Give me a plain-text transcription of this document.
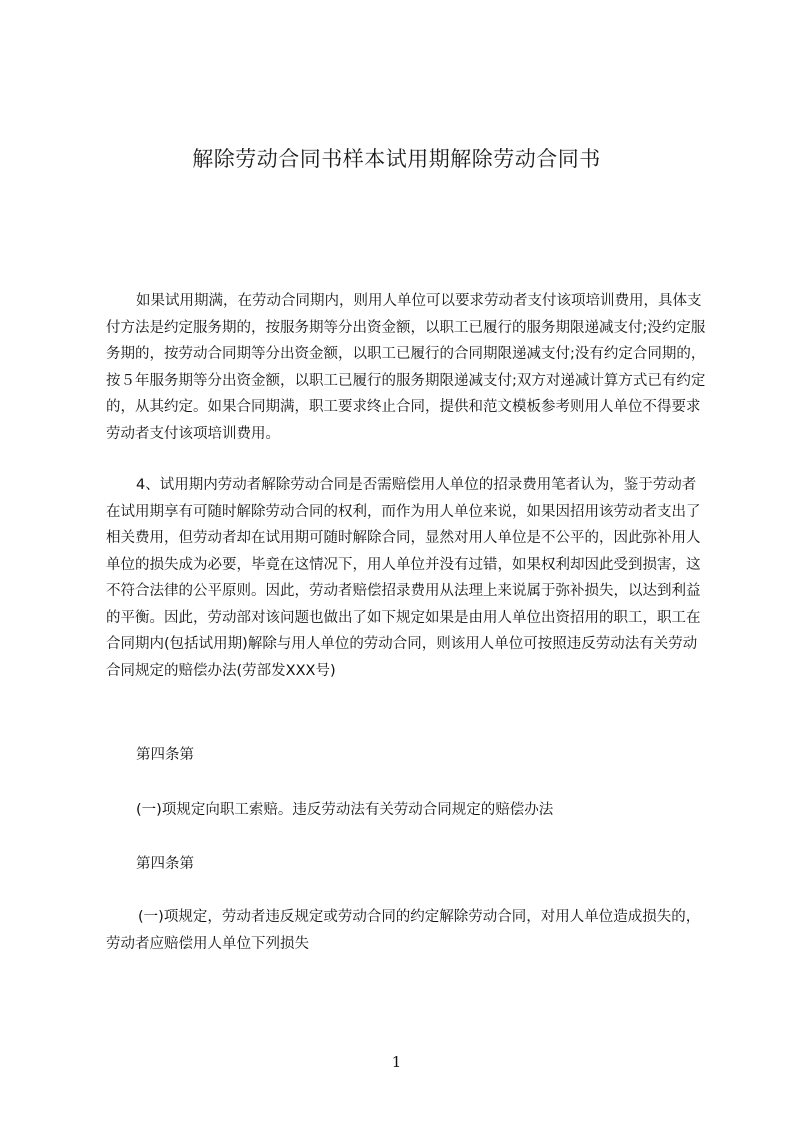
解除劳动合同书样本试用期解除劳动合同书

如果试用期满，在劳动合同期内，则用人单位可以要求劳动者支付该项培训费用，具体支付方法是约定服务期的，按服务期等分出资金额，以职工已履行的服务期限递减支付;没约定服务期的，按劳动合同期等分出资金额，以职工已履行的合同期限递减支付;没有约定合同期的，按５年服务期等分出资金额，以职工已履行的服务期限递减支付;双方对递减计算方式已有约定的，从其约定。如果合同期满，职工要求终止合同，提供和范文模板参考则用人单位不得要求劳动者支付该项培训费用。

4、试用期内劳动者解除劳动合同是否需赔偿用人单位的招录费用笔者认为，鉴于劳动者在试用期享有可随时解除劳动合同的权利，而作为用人单位来说，如果因招用该劳动者支出了相关费用，但劳动者却在试用期可随时解除合同，显然对用人单位是不公平的，因此弥补用人单位的损失成为必要，毕竟在这情况下，用人单位并没有过错，如果权利却因此受到损害，这不符合法律的公平原则。因此，劳动者赔偿招录费用从法理上来说属于弥补损失，以达到利益的平衡。因此，劳动部对该问题也做出了如下规定如果是由用人单位出资招用的职工，职工在合同期内(包括试用期)解除与用人单位的劳动合同，则该用人单位可按照违反劳动法有关劳动合同规定的赔偿办法(劳部发XXX号)

第四条第
(一)项规定向职工索赔。违反劳动法有关劳动合同规定的赔偿办法
第四条第

(一)项规定，劳动者违反规定或劳动合同的约定解除劳动合同，对用人单位造成损失的，劳动者应赔偿用人单位下列损失

1
